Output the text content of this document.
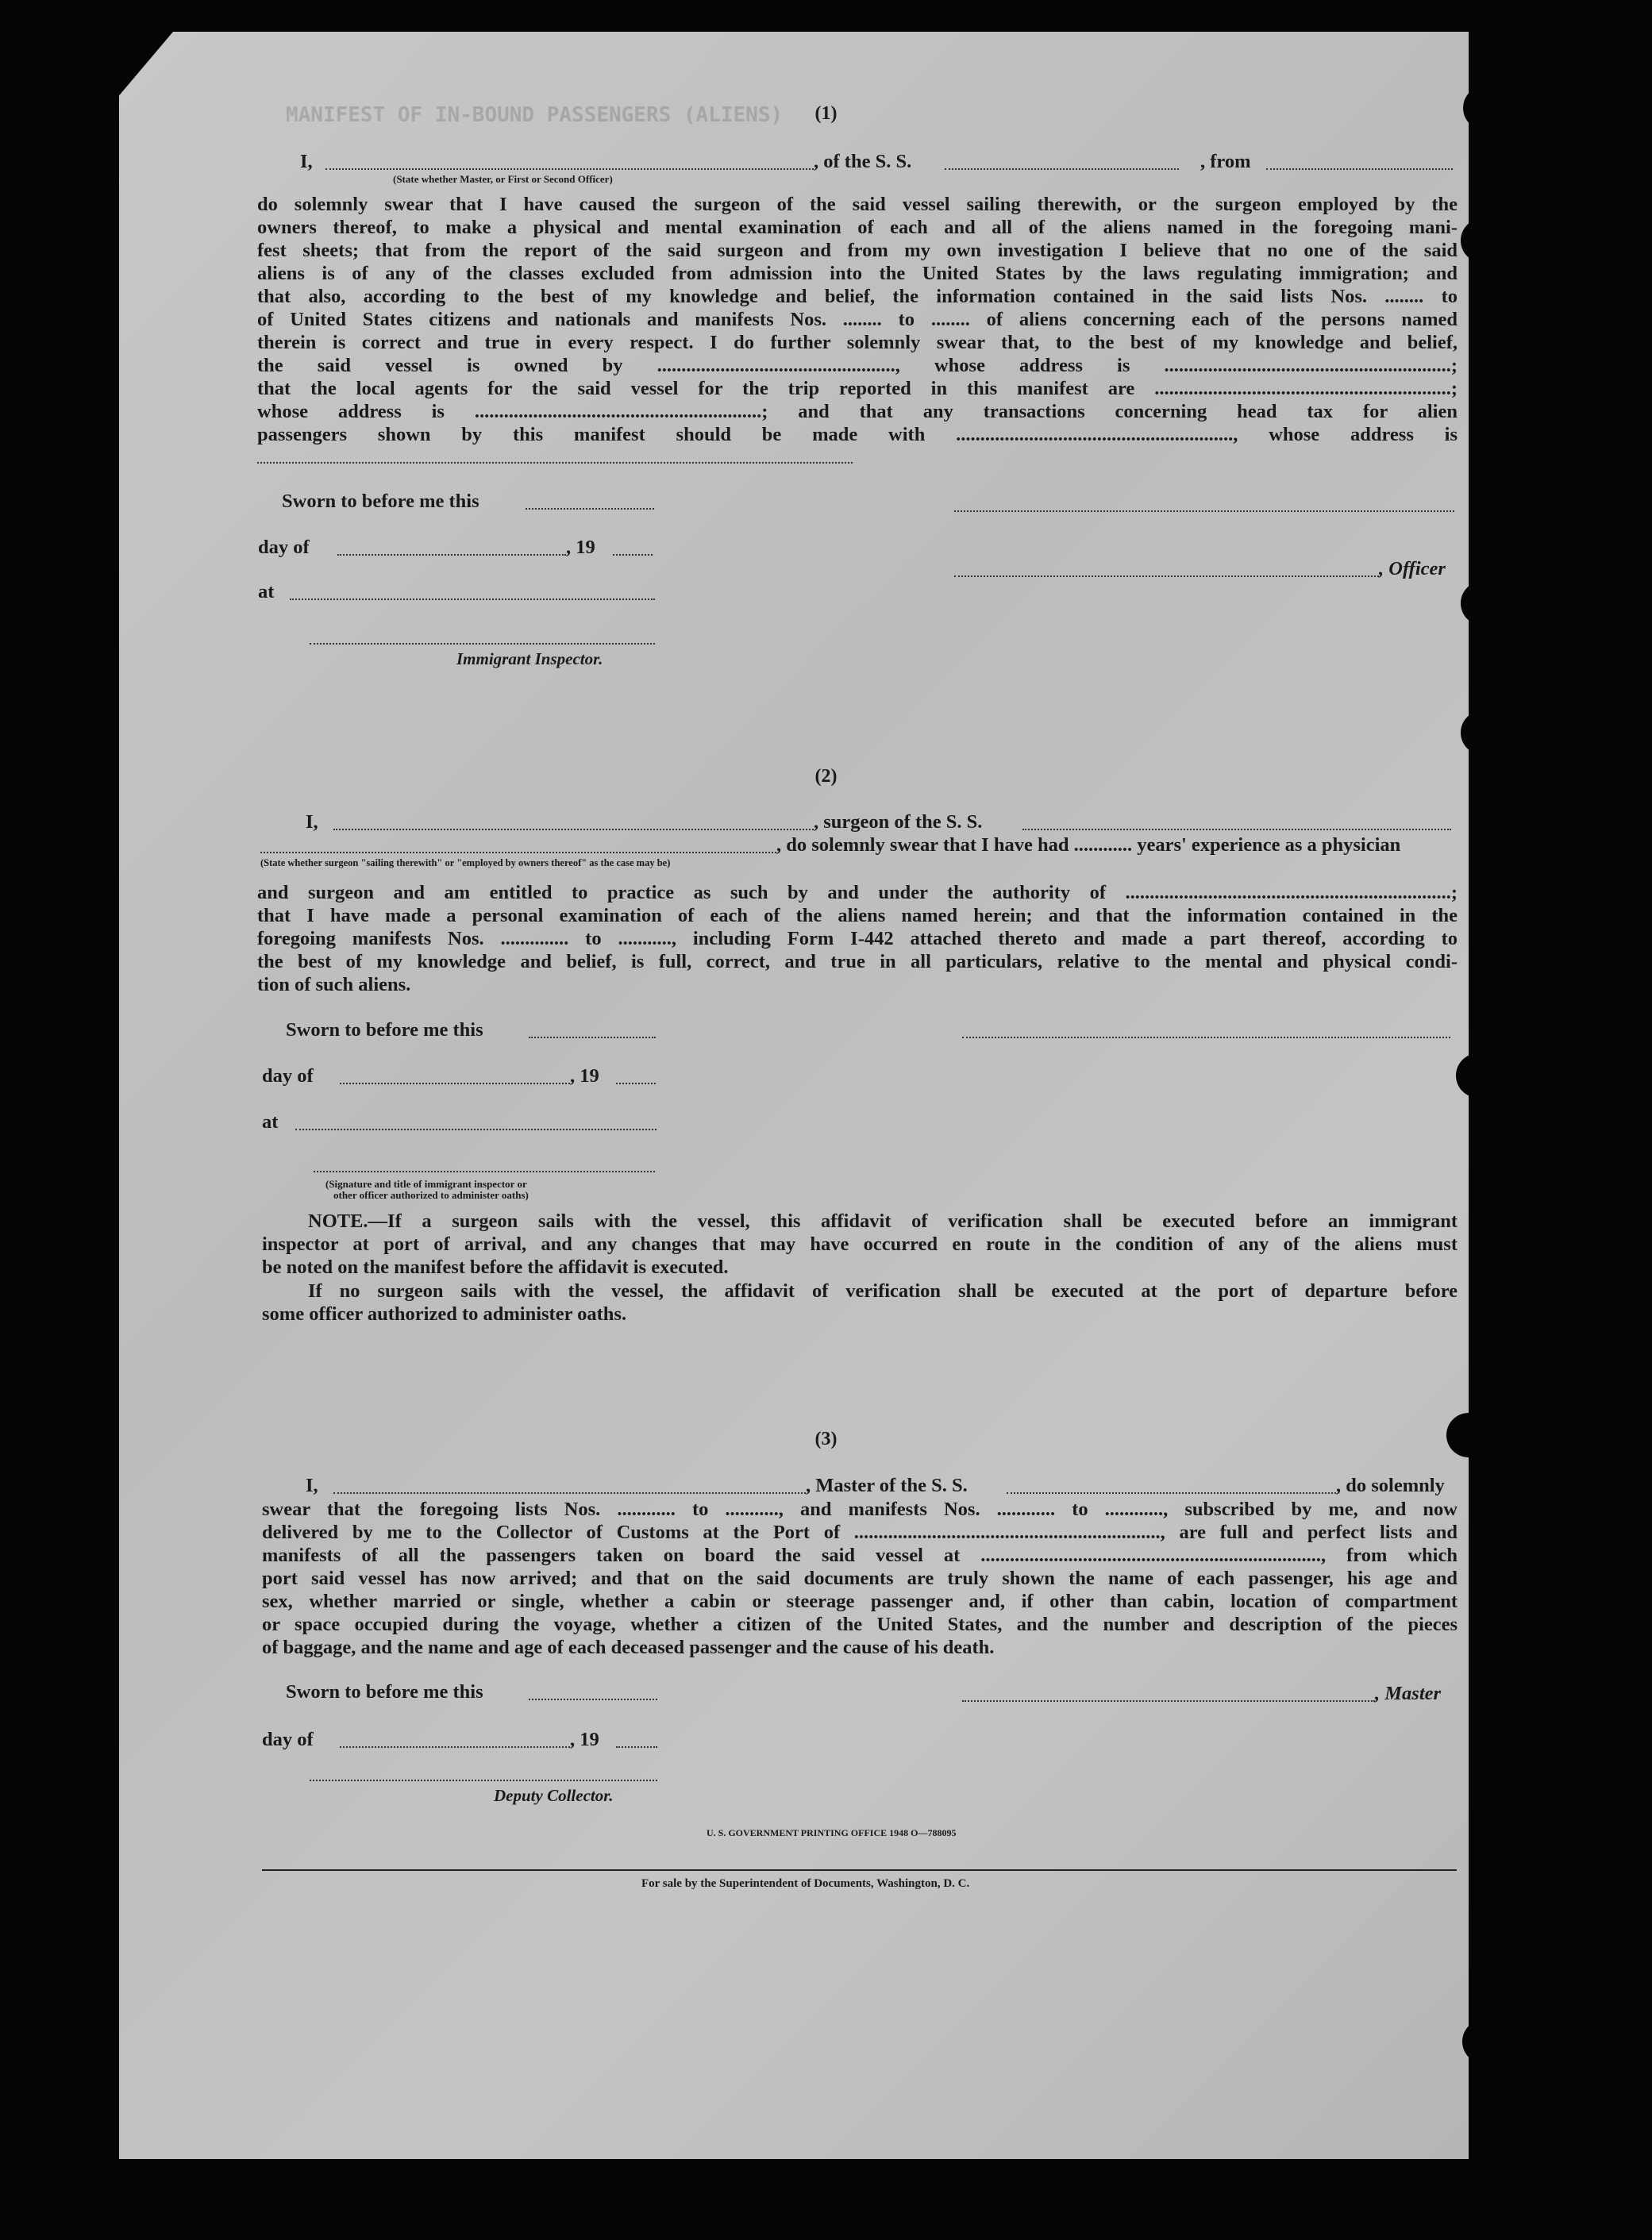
MANIFEST OF IN-BOUND PASSENGERS (ALIENS)	(1)
I,	, of the S. S.	, from
(State whether Master, or First or Second Officer)

do solemnly swear that I have caused the surgeon of the said vessel sailing therewith, or the surgeon employed by the

owners thereof, to make a physical and mental examination of each and all of the aliens named in the foregoing mani-

fest sheets; that from the report of the said surgeon and from my own investigation I believe that no one of the said

aliens is of any of the classes excluded from admission into the United States by the laws regulating immigration; and

that also, according to the best of my knowledge and belief, the information contained in the said lists Nos. ........ to

of United States citizens and nationals and manifests Nos. ........ to ........ of aliens concerning each of the persons named

therein is correct and true in every respect. I do further solemnly swear that, to the best of my knowledge and belief,

the said vessel is owned by ................................................., whose address is ...........................................................;

that the local agents for the said vessel for the trip reported in this manifest are .............................................................;

whose address is ...........................................................; and that any transactions concerning head tax for alien

passengers shown by this manifest should be made with ........................................................., whose address is

Sworn to before me this
day of	, 19
, Officer
at
Immigrant Inspector.
(2)
I,	, surgeon of the S. S.
, do solemnly swear that I have had ............ years' experience as a physician
(State whether surgeon "sailing therewith" or "employed by owners thereof" as the case may be)

and surgeon and am entitled to practice as such by and under the authority of ...................................................................;

that I have made a personal examination of each of the aliens named herein; and that the information contained in the

foregoing manifests Nos. .............. to ..........., including Form I-442 attached thereto and made a part thereof, according to

the best of my knowledge and belief, is full, correct, and true in all particulars, relative to the mental and physical condi-

tion of such aliens.

Sworn to before me this
day of	, 19
at
(Signature and title of immigrant inspector or
other officer authorized to administer oaths)

NOTE.—If a surgeon sails with the vessel, this affidavit of verification shall be executed before an immigrant

inspector at port of arrival, and any changes that may have occurred en route in the condition of any of the aliens must

be noted on the manifest before the affidavit is executed.

If no surgeon sails with the vessel, the affidavit of verification shall be executed at the port of departure before

some officer authorized to administer oaths.

(3)
I,	, Master of the S. S.	, do solemnly

swear that the foregoing lists Nos. ............ to ..........., and manifests Nos. ............ to ............, subscribed by me, and now

delivered by me to the Collector of Customs at the Port of ..............................................................., are full and perfect lists and

manifests of all the passengers taken on board the said vessel at ......................................................................, from which

port said vessel has now arrived; and that on the said documents are truly shown the name of each passenger, his age and

sex, whether married or single, whether a cabin or steerage passenger and, if other than cabin, location of compartment

or space occupied during the voyage, whether a citizen of the United States, and the number and description of the pieces

of baggage, and the name and age of each deceased passenger and the cause of his death.

Sworn to before me this	, Master
day of	, 19
Deputy Collector.
U. S. GOVERNMENT PRINTING OFFICE 1948 O—788095
For sale by the Superintendent of Documents, Washington, D. C.
